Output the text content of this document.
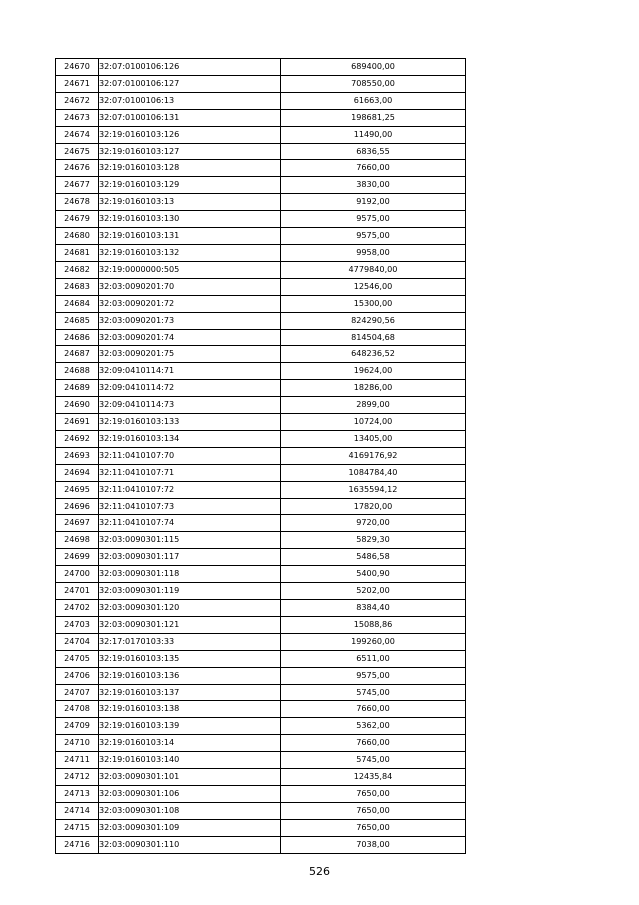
24670	32:07:0100106:126	689400,00
24671	32:07:0100106:127	708550,00
24672	32:07:0100106:13	61663,00
24673	32:07:0100106:131	198681,25
24674	32:19:0160103:126	11490,00
24675	32:19:0160103:127	6836,55
24676	32:19:0160103:128	7660,00
24677	32:19:0160103:129	3830,00
24678	32:19:0160103:13	9192,00
24679	32:19:0160103:130	9575,00
24680	32:19:0160103:131	9575,00
24681	32:19:0160103:132	9958,00
24682	32:19:0000000:505	4779840,00
24683	32:03:0090201:70	12546,00
24684	32:03:0090201:72	15300,00
24685	32:03:0090201:73	824290,56
24686	32:03:0090201:74	814504,68
24687	32:03:0090201:75	648236,52
24688	32:09:0410114:71	19624,00
24689	32:09:0410114:72	18286,00
24690	32:09:0410114:73	2899,00
24691	32:19:0160103:133	10724,00
24692	32:19:0160103:134	13405,00
24693	32:11:0410107:70	4169176,92
24694	32:11:0410107:71	1084784,40
24695	32:11:0410107:72	1635594,12
24696	32:11:0410107:73	17820,00
24697	32:11:0410107:74	9720,00
24698	32:03:0090301:115	5829,30
24699	32:03:0090301:117	5486,58
24700	32:03:0090301:118	5400,90
24701	32:03:0090301:119	5202,00
24702	32:03:0090301:120	8384,40
24703	32:03:0090301:121	15088,86
24704	32:17:0170103:33	199260,00
24705	32:19:0160103:135	6511,00
24706	32:19:0160103:136	9575,00
24707	32:19:0160103:137	5745,00
24708	32:19:0160103:138	7660,00
24709	32:19:0160103:139	5362,00
24710	32:19:0160103:14	7660,00
24711	32:19:0160103:140	5745,00
24712	32:03:0090301:101	12435,84
24713	32:03:0090301:106	7650,00
24714	32:03:0090301:108	7650,00
24715	32:03:0090301:109	7650,00
24716	32:03:0090301:110	7038,00
526
